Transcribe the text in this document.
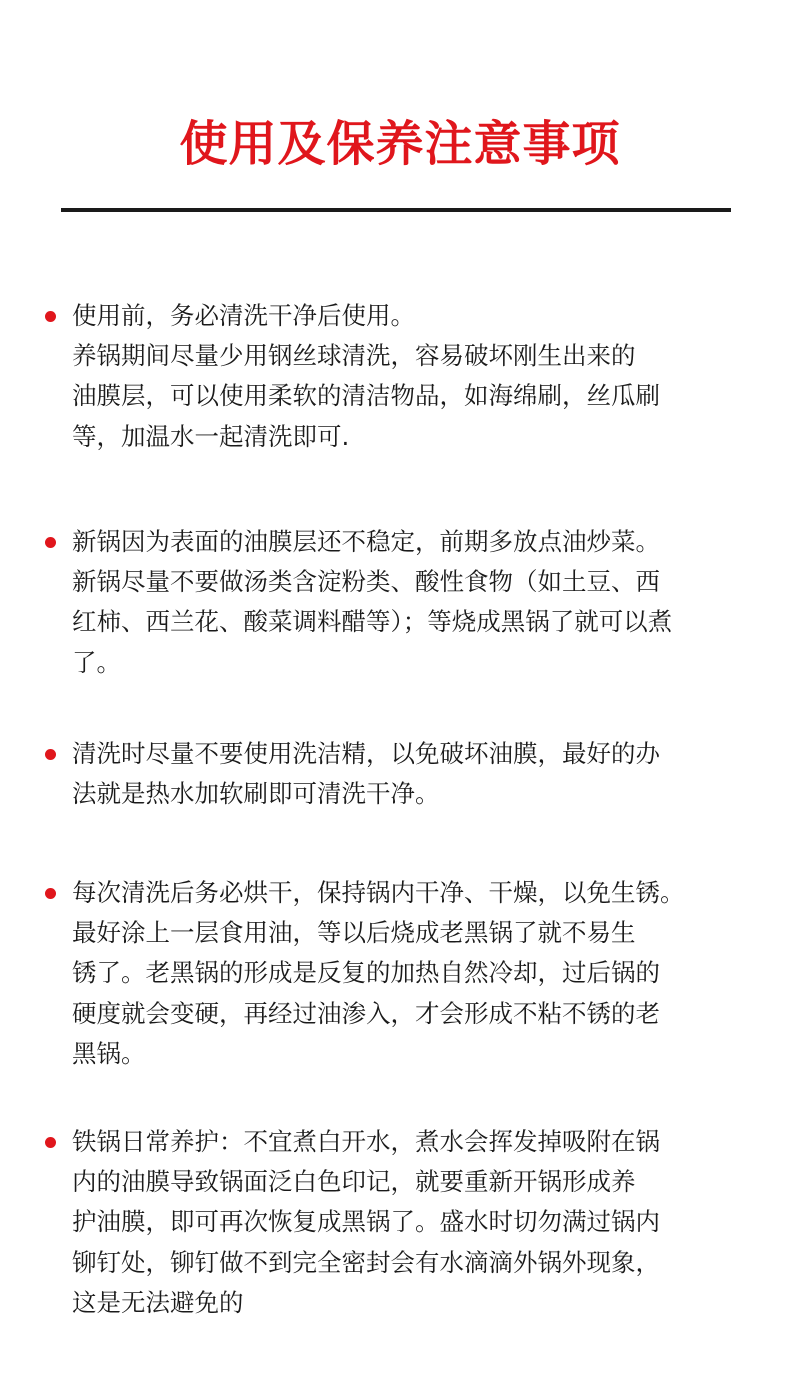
使用及保养注意事项
使用前，务必清洗干净后使用。
养锅期间尽量少用钢丝球清洗，容易破坏刚生出来的
油膜层，可以使用柔软的清洁物品，如海绵刷，丝瓜刷
等，加温水一起清洗即可.
新锅因为表面的油膜层还不稳定，前期多放点油炒菜。
新锅尽量不要做汤类含淀粉类、酸性食物（如土豆、西
红柿、西兰花、酸菜调料醋等）；等烧成黑锅了就可以煮
了。
清洗时尽量不要使用洗洁精，以免破坏油膜，最好的办
法就是热水加软刷即可清洗干净。
每次清洗后务必烘干，保持锅内干净、干燥，以免生锈。
最好涂上一层食用油，等以后烧成老黑锅了就不易生
锈了。老黑锅的形成是反复的加热自然冷却，过后锅的
硬度就会变硬，再经过油渗入，才会形成不粘不锈的老
黑锅。
铁锅日常养护：不宜煮白开水，煮水会挥发掉吸附在锅
内的油膜导致锅面泛白色印记，就要重新开锅形成养
护油膜，即可再次恢复成黑锅了。盛水时切勿满过锅内
铆钉处，铆钉做不到完全密封会有水滴滴外锅外现象，
这是无法避免的
